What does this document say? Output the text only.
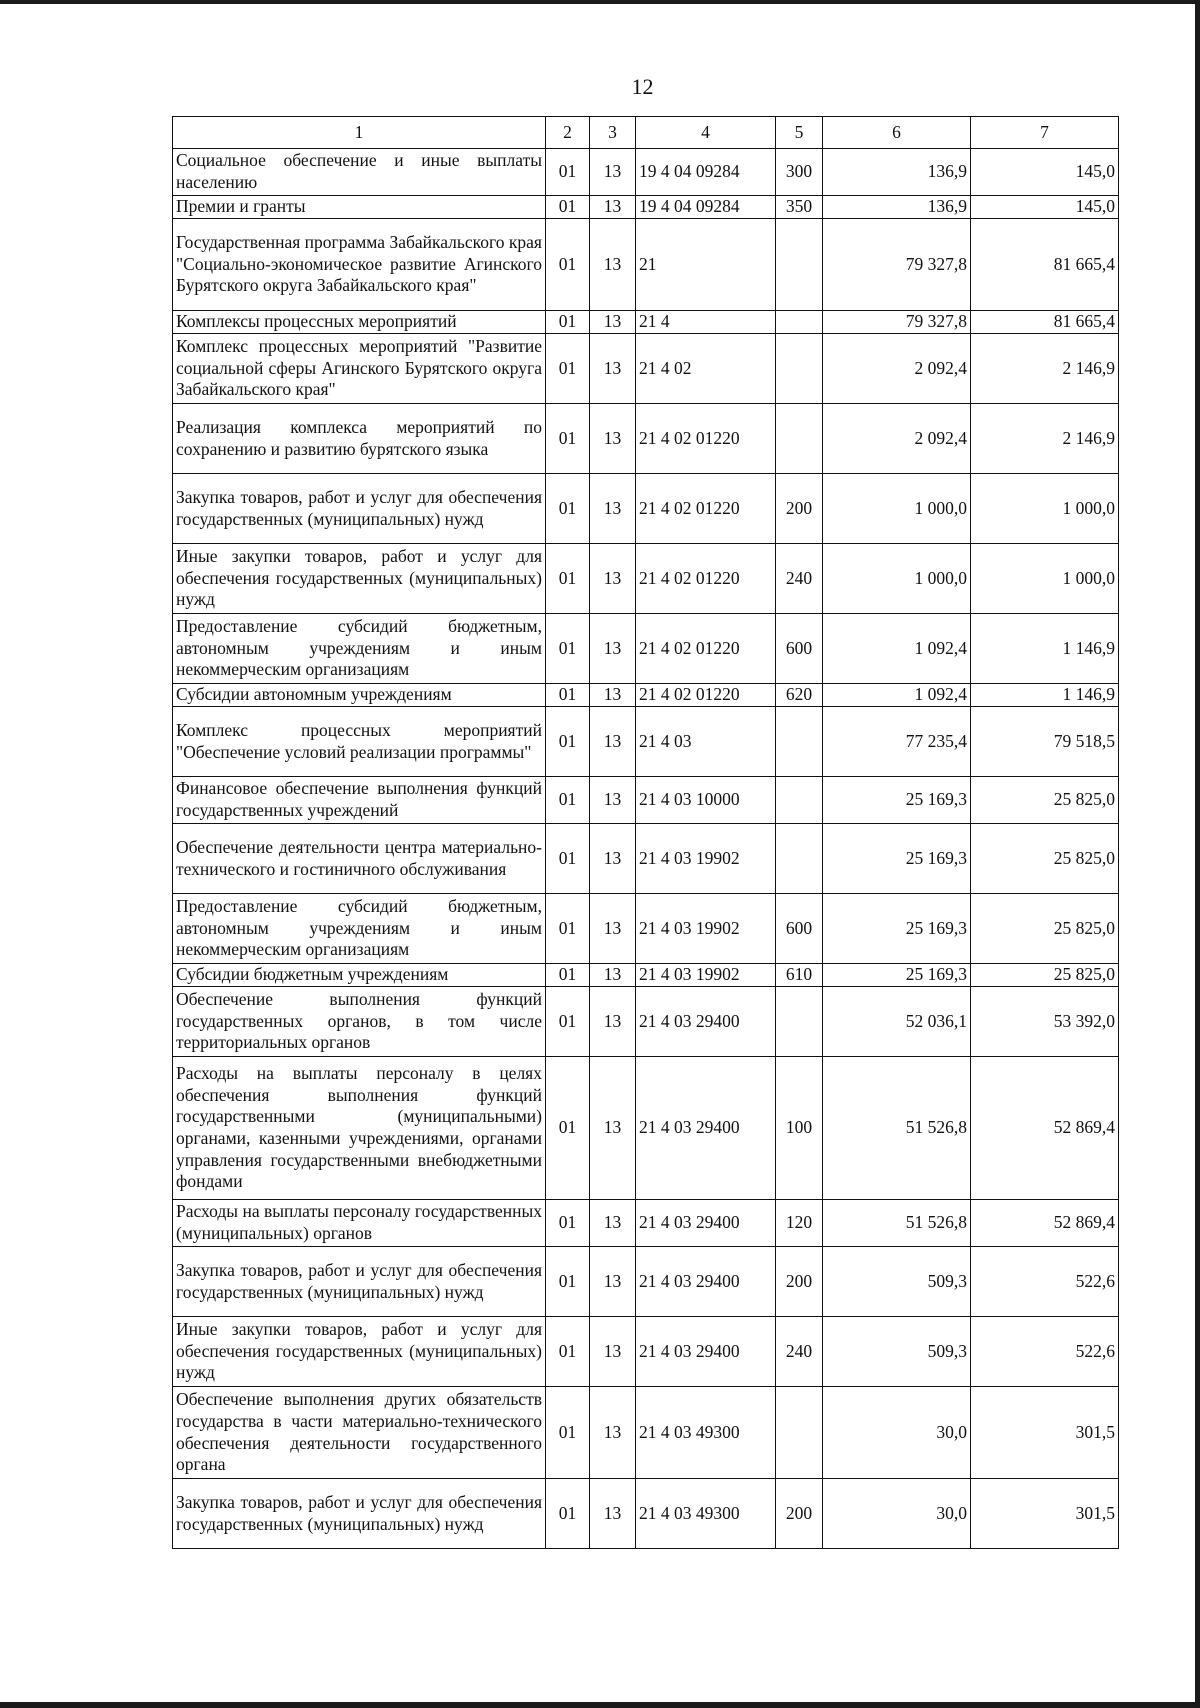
12
1	2	3	4	5	6	7
Социальное обеспечение и иные выплаты населению	01	13	19 4 04 09284	300	136,9	145,0
Премии и гранты	01	13	19 4 04 09284	350	136,9	145,0
Государственная программа Забайкальского края "Социально-экономическое развитие Агинского Бурятского округа Забайкальского края"	01	13	21		79 327,8	81 665,4
Комплексы процессных мероприятий	01	13	21 4		79 327,8	81 665,4
Комплекс процессных мероприятий "Развитие социальной сферы Агинского Бурятского округа Забайкальского края"	01	13	21 4 02		2 092,4	2 146,9
Реализация комплекса мероприятий по сохранению и развитию бурятского языка	01	13	21 4 02 01220		2 092,4	2 146,9
Закупка товаров, работ и услуг для обеспечения государственных (муниципальных) нужд	01	13	21 4 02 01220	200	1 000,0	1 000,0
Иные закупки товаров, работ и услуг для обеспечения государственных (муниципальных) нужд	01	13	21 4 02 01220	240	1 000,0	1 000,0
Предоставление субсидий бюджетным, автономным учреждениям и иным некоммерческим организациям	01	13	21 4 02 01220	600	1 092,4	1 146,9
Субсидии автономным учреждениям	01	13	21 4 02 01220	620	1 092,4	1 146,9
Комплекс процессных мероприятий "Обеспечение условий реализации программы"	01	13	21 4 03		77 235,4	79 518,5
Финансовое обеспечение выполнения функций государственных учреждений	01	13	21 4 03 10000		25 169,3	25 825,0
Обеспечение деятельности центра материально-технического и гостиничного обслуживания	01	13	21 4 03 19902		25 169,3	25 825,0
Предоставление субсидий бюджетным, автономным учреждениям и иным некоммерческим организациям	01	13	21 4 03 19902	600	25 169,3	25 825,0
Субсидии бюджетным учреждениям	01	13	21 4 03 19902	610	25 169,3	25 825,0
Обеспечение выполнения функций государственных органов, в том числе территориальных органов	01	13	21 4 03 29400		52 036,1	53 392,0
Расходы на выплаты персоналу в целях обеспечения выполнения функций государственными (муниципальными) органами, казенными учреждениями, органами управления государственными внебюджетными фондами	01	13	21 4 03 29400	100	51 526,8	52 869,4
Расходы на выплаты персоналу государственных (муниципальных) органов	01	13	21 4 03 29400	120	51 526,8	52 869,4
Закупка товаров, работ и услуг для обеспечения государственных (муниципальных) нужд	01	13	21 4 03 29400	200	509,3	522,6
Иные закупки товаров, работ и услуг для обеспечения государственных (муниципальных) нужд	01	13	21 4 03 29400	240	509,3	522,6
Обеспечение выполнения других обязательств государства в части материально-технического обеспечения деятельности государственного органа	01	13	21 4 03 49300		30,0	301,5
Закупка товаров, работ и услуг для обеспечения государственных (муниципальных) нужд	01	13	21 4 03 49300	200	30,0	301,5
